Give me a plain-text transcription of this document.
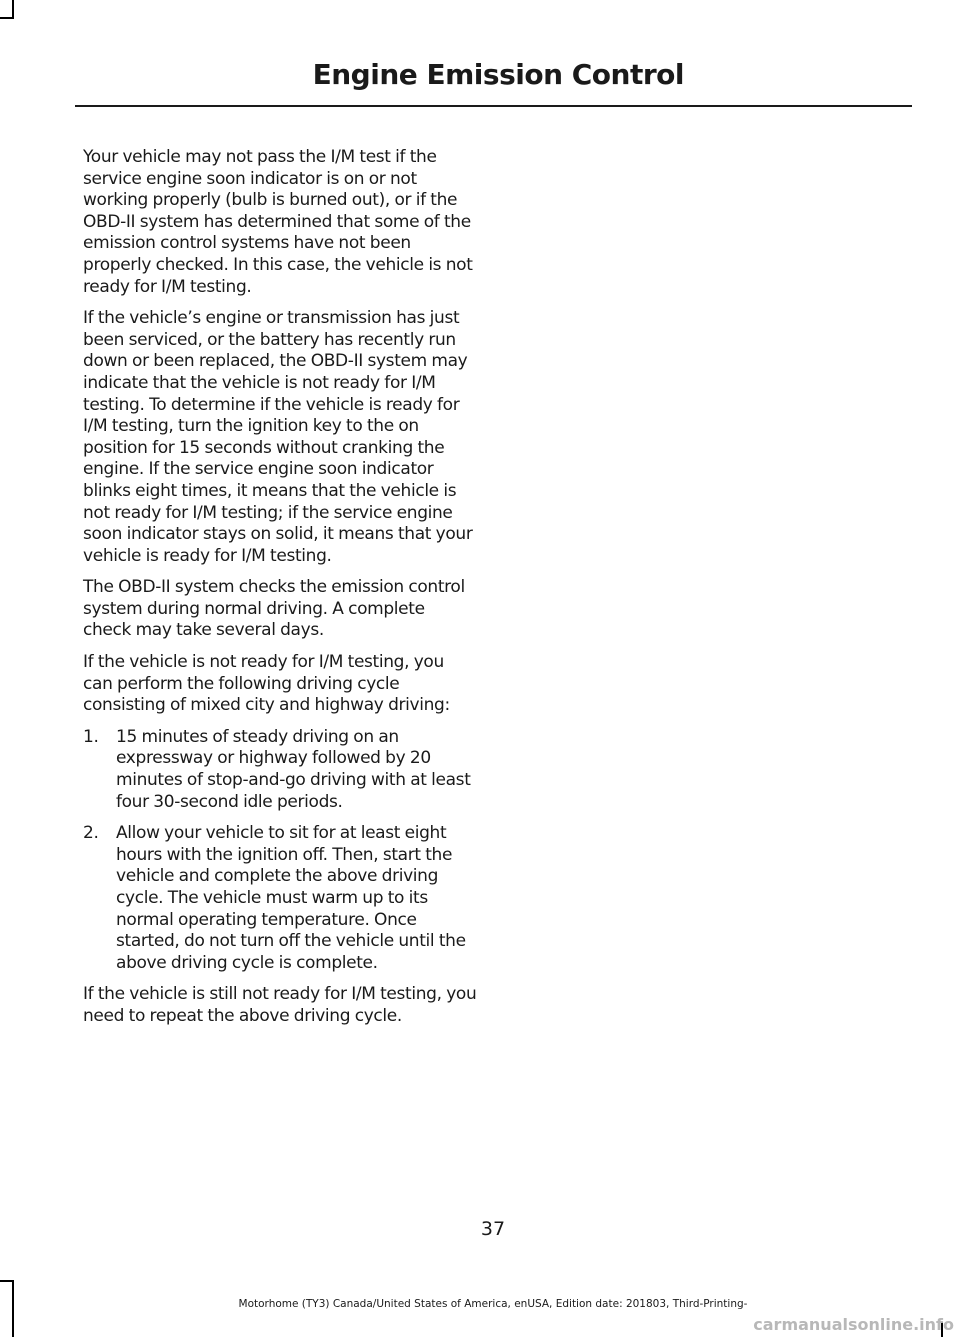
Engine Emission Control

Your vehicle may not pass the I/M test if the service engine soon indicator is on or not working properly (bulb is burned out), or if the OBD-II system has determined that some of the emission control systems have not been properly checked. In this case, the vehicle is not ready for I/M testing.

If the vehicle’s engine or transmission has just been serviced, or the battery has recently run down or been replaced, the OBD-II system may indicate that the vehicle is not ready for I/M testing. To determine if the vehicle is ready for I/M testing, turn the ignition key to the on position for 15 seconds without cranking the engine. If the service engine soon indicator blinks eight times, it means that the vehicle is not ready for I/M testing; if the service engine soon indicator stays on solid, it means that your vehicle is ready for I/M testing.

The OBD-II system checks the emission control system during normal driving. A complete check may take several days.

If the vehicle is not ready for I/M testing, you can perform the following driving cycle consisting of mixed city and highway driving:

1. 15 minutes of steady driving on an expressway or highway followed by 20 minutes of stop-and-go driving with at least four 30-second idle periods.
2. Allow your vehicle to sit for at least eight hours with the ignition off. Then, start the vehicle and complete the above driving cycle. The vehicle must warm up to its normal operating temperature. Once started, do not turn off the vehicle until the above driving cycle is complete.

If the vehicle is still not ready for I/M testing, you need to repeat the above driving cycle.

37
Motorhome (TY3) Canada/United States of America, enUSA, Edition date: 201803, Third-Printing-
carmanualsonline.info
